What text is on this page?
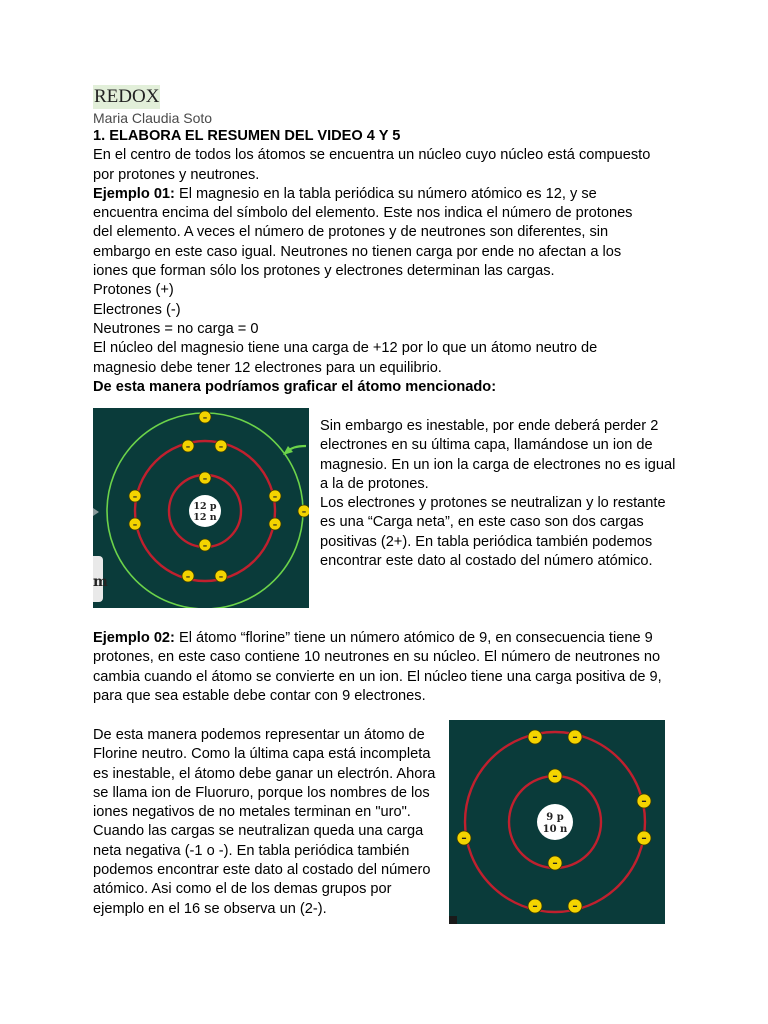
REDOX
Maria Claudia Soto

1. ELABORA EL RESUMEN DEL VIDEO 4 Y 5

En el centro de todos los átomos se encuentra un núcleo cuyo núcleo está compuesto por protones y neutrones.

Ejemplo 01: El magnesio en la tabla periódica su número atómico es 12, y se encuentra encima del símbolo del elemento. Este nos indica el número de protones del elemento. A veces el número de protones y de neutrones son diferentes, sin embargo en este caso igual. Neutrones no tienen carga por ende no afectan a los iones que forman sólo los protones y electrones determinan las cargas.

Protones (+)

Electrones (-)

Neutrones = no carga = 0

El núcleo del magnesio tiene una carga de +12 por lo que un átomo neutro de magnesio debe tener 12 electrones para un equilibrio.

De esta manera podríamos graficar el átomo mencionado:

12 p
12 n
m
–
–	–
–
–
–
–
–
–
–	–
–

Sin embargo es inestable, por ende deberá perder 2 electrones en su última capa, llamándose un ion de magnesio. En un ion la carga de electrones no es igual a la de protones.

Los electrones y protones se neutralizan y lo restante es una “Carga neta”, en este caso son dos cargas positivas (2+). En tabla periódica también podemos encontrar este dato al costado del número atómico.

Ejemplo 02: El átomo “florine” tiene un número atómico de 9, en consecuencia tiene 9 protones, en este caso contiene 10 neutrones en su núcleo. El número de neutrones no cambia cuando el átomo se convierte en un ion. El núcleo tiene una carga positiva de 9, para que sea estable debe contar con 9 electrones.

De esta manera podemos representar un átomo de Florine neutro. Como la última capa está incompleta es inestable, el átomo debe ganar un electrón. Ahora se llama ion de Fluoruro, porque los nombres de los iones negativos de no metales terminan en "uro".

Cuando las cargas se neutralizan queda una carga neta negativa (-1 o -). En tabla periódica también podemos encontrar este dato al costado del número atómico. Asi como el de los demas grupos por ejemplo en el 16 se observa un (2-).

9 p
10 n
–	–
–
–
–
–
–
–	–
